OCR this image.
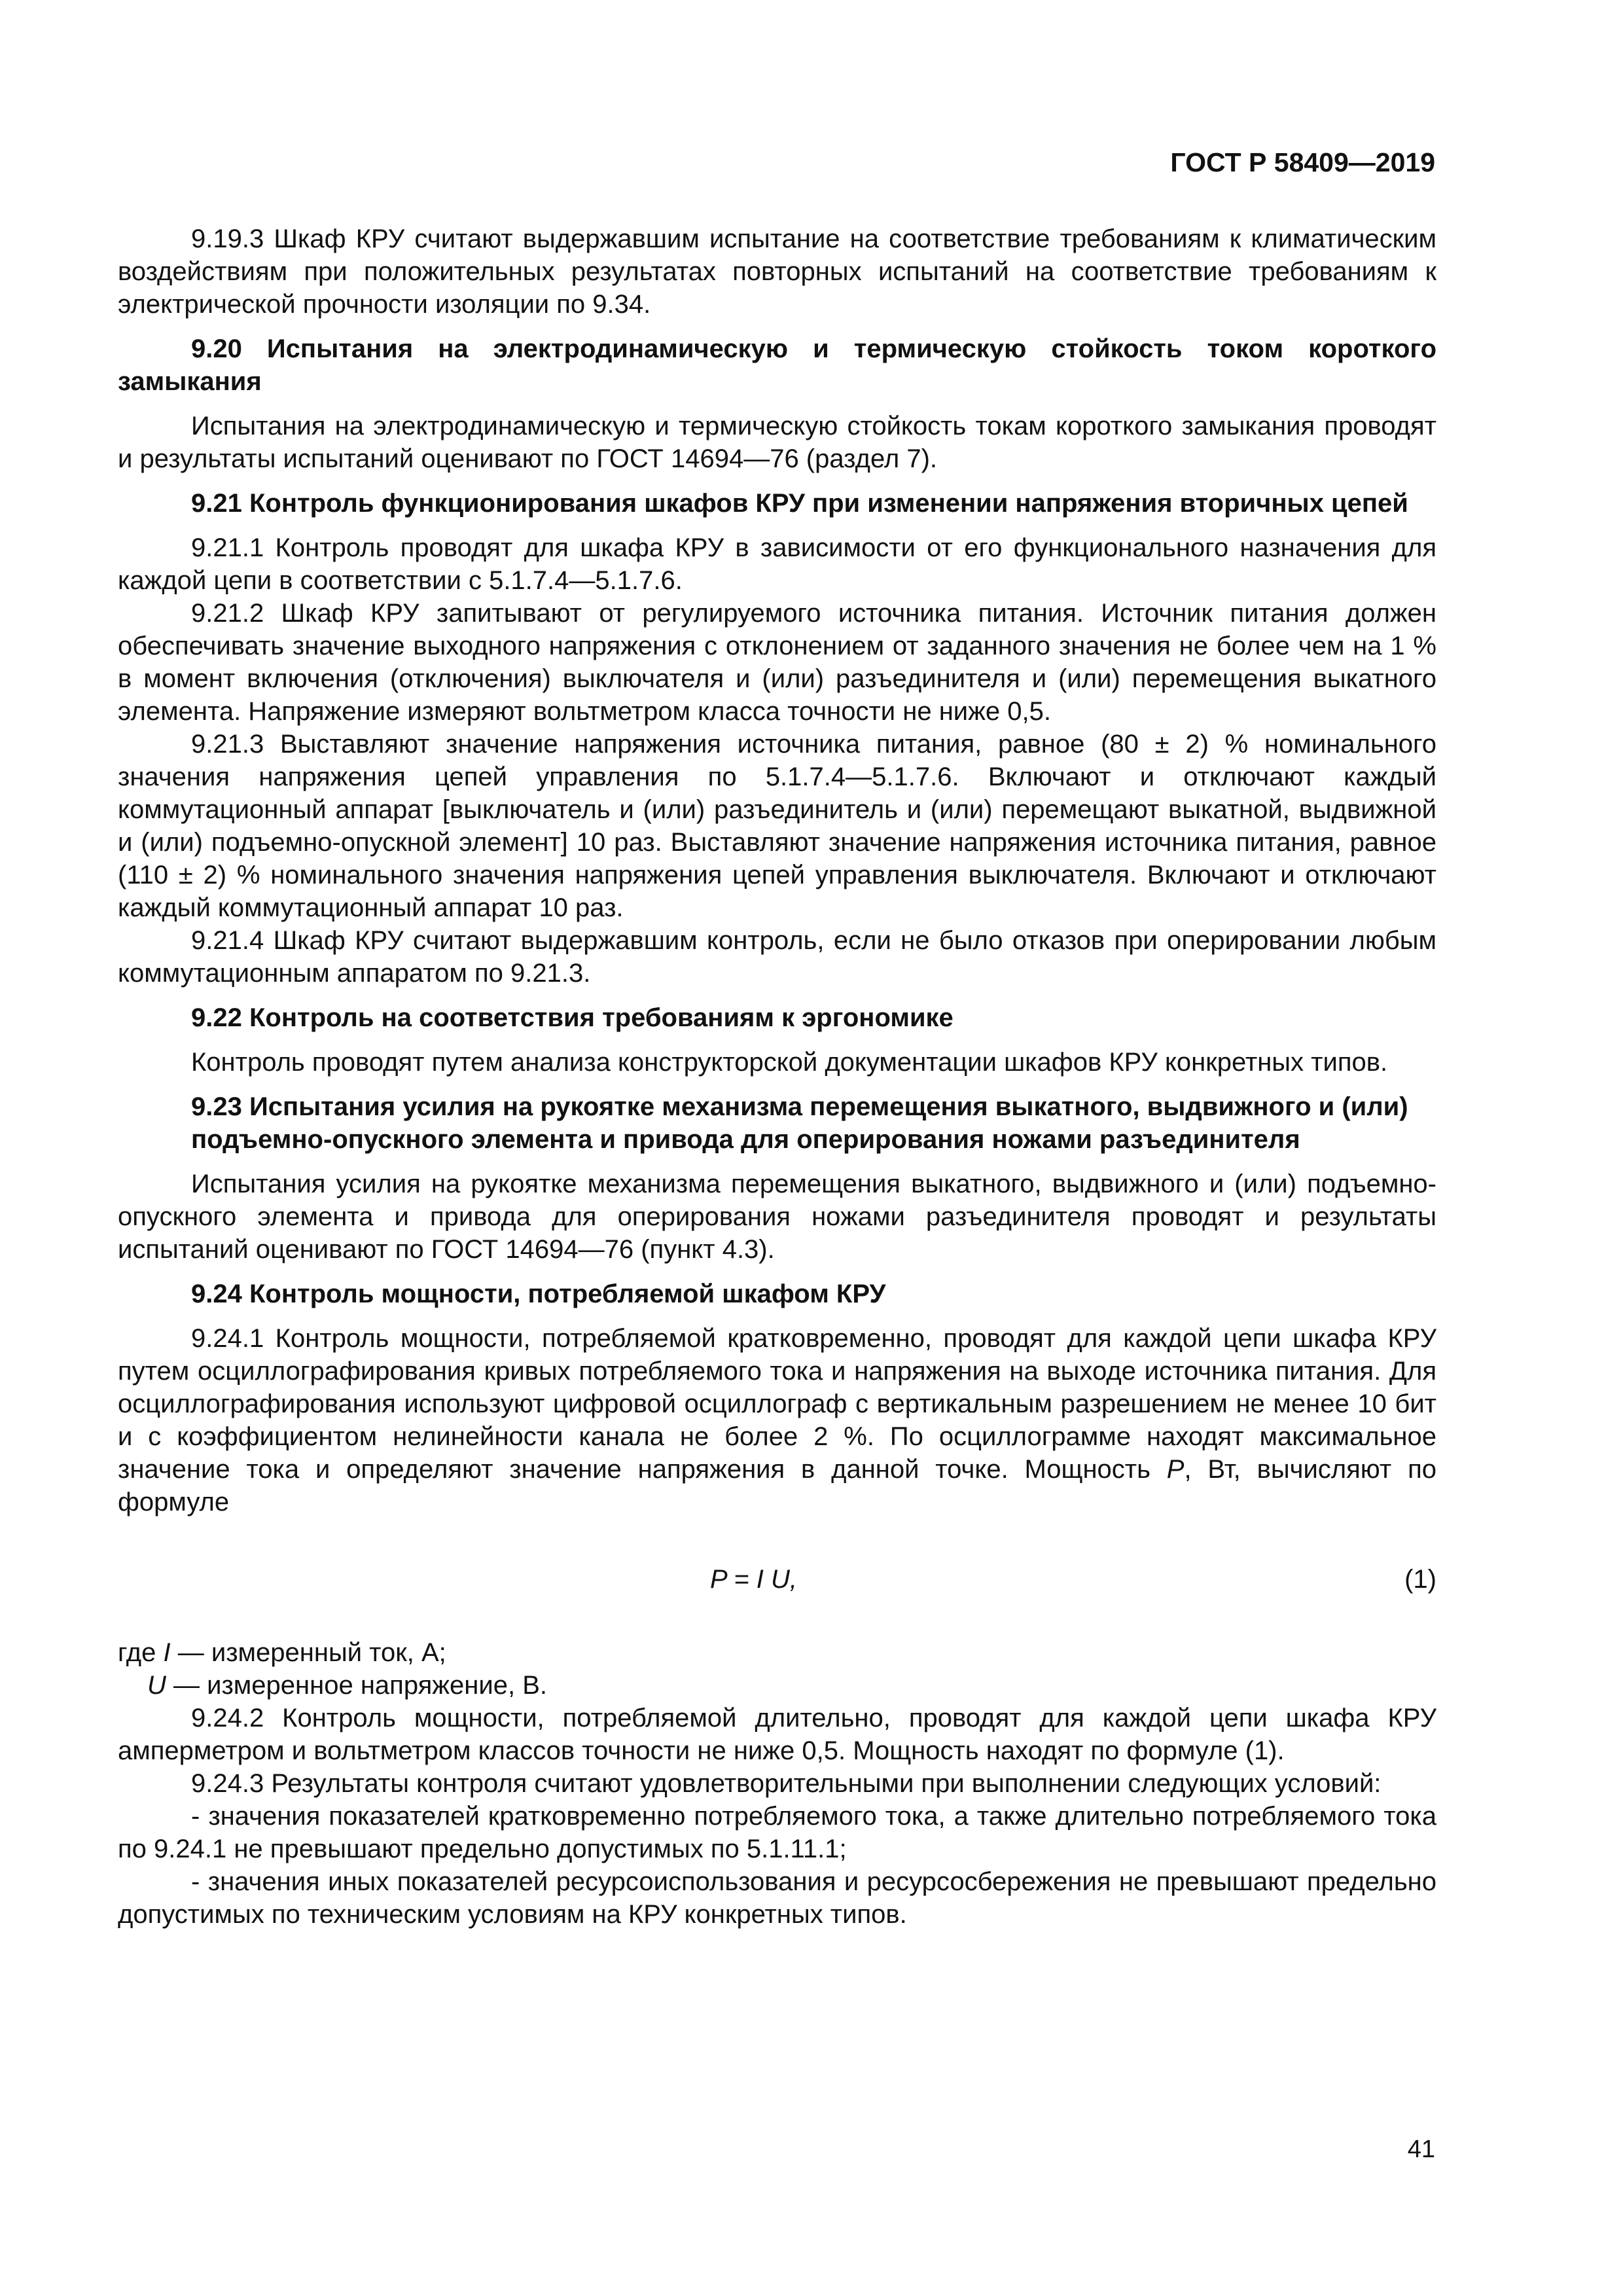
ГОСТ Р 58409—2019

9.19.3 Шкаф КРУ считают выдержавшим испытание на соответствие требованиям к климатическим воздействиям при положительных результатах повторных испытаний на соответствие требованиям к электрической прочности изоляции по 9.34.

9.20 Испытания на электродинамическую и термическую стойкость током короткого замыкания

Испытания на электродинамическую и термическую стойкость токам короткого замыкания проводят и результаты испытаний оценивают по ГОСТ 14694—76 (раздел 7).

9.21 Контроль функционирования шкафов КРУ при изменении напряжения вторичных цепей

9.21.1 Контроль проводят для шкафа КРУ в зависимости от его функционального назначения для каждой цепи в соответствии с 5.1.7.4—5.1.7.6.

9.21.2 Шкаф КРУ запитывают от регулируемого источника питания. Источник питания должен обеспечивать значение выходного напряжения с отклонением от заданного значения не более чем на 1 % в момент включения (отключения) выключателя и (или) разъединителя и (или) перемещения выкатного элемента. Напряжение измеряют вольтметром класса точности не ниже 0,5.

9.21.3 Выставляют значение напряжения источника питания, равное (80 ± 2) % номинального значения напряжения цепей управления по 5.1.7.4—5.1.7.6. Включают и отключают каждый коммутационный аппарат [выключатель и (или) разъединитель и (или) перемещают выкатной, выдвижной и (или) подъемно-опускной элемент] 10 раз. Выставляют значение напряжения источника питания, равное (110 ± 2) % номинального значения напряжения цепей управления выключателя. Включают и отключают каждый коммутационный аппарат 10 раз.

9.21.4 Шкаф КРУ считают выдержавшим контроль, если не было отказов при оперировании любым коммутационным аппаратом по 9.21.3.

9.22 Контроль на соответствия требованиям к эргономике

Контроль проводят путем анализа конструкторской документации шкафов КРУ конкретных типов.

9.23 Испытания усилия на рукоятке механизма перемещения выкатного, выдвижного и (или) подъемно-опускного элемента и привода для оперирования ножами разъединителя

Испытания усилия на рукоятке механизма перемещения выкатного, выдвижного и (или) подъемно-опускного элемента и привода для оперирования ножами разъединителя проводят и результаты испытаний оценивают по ГОСТ 14694—76 (пункт 4.3).

9.24 Контроль мощности, потребляемой шкафом КРУ

9.24.1 Контроль мощности, потребляемой кратковременно, проводят для каждой цепи шкафа КРУ путем осциллографирования кривых потребляемого тока и напряжения на выходе источника питания. Для осциллографирования используют цифровой осциллограф с вертикальным разрешением не менее 10 бит и с коэффициентом нелинейности канала не более 2 %. По осциллограмме находят максимальное значение тока и определяют значение напряжения в данной точке. Мощность P, Вт, вычисляют по формуле

P = I U,	(1)

где I — измеренный ток, А;

U — измеренное напряжение, В.

9.24.2 Контроль мощности, потребляемой длительно, проводят для каждой цепи шкафа КРУ амперметром и вольтметром классов точности не ниже 0,5. Мощность находят по формуле (1).

9.24.3 Результаты контроля считают удовлетворительными при выполнении следующих условий:

- значения показателей кратковременно потребляемого тока, а также длительно потребляемого тока по 9.24.1 не превышают предельно допустимых по 5.1.11.1;

- значения иных показателей ресурсоиспользования и ресурсосбережения не превышают предельно допустимых по техническим условиям на КРУ конкретных типов.

41
